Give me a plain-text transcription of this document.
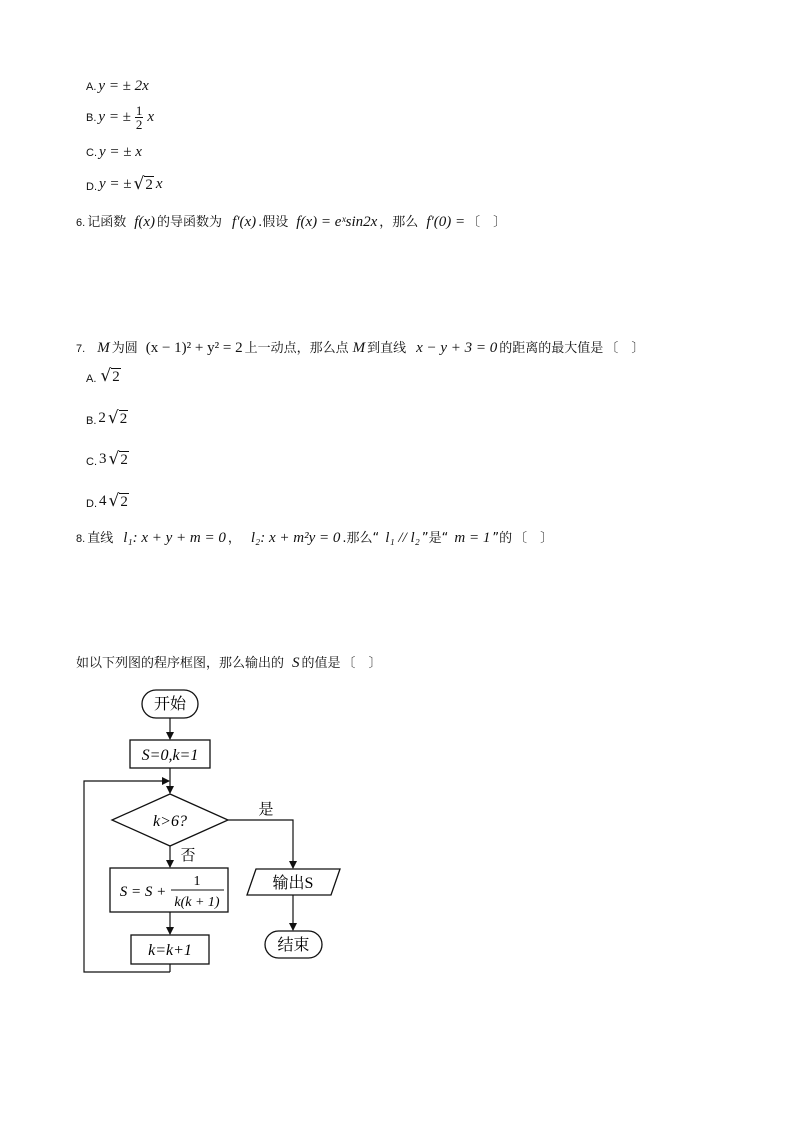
A. y = ± 2x
B. y = ± $\frac{1}{2}$ x
C. y = ± x
D. y = ± √ 2 x
6. 记函数 f(x) 的导函数为 f′(x) .假设 f(x) = eˣsin2x ，那么 f′(0) = 〔　〕
7. M 为圆 (x − 1)² + y² = 2 上一动点，那么点 M 到直线 x − y + 3 = 0 的距离的最大值是 〔　〕
A. √ 2
B. 2 √ 2
C. 3 √ 2
D. 4 √ 2
8. 直线 l₁: x + y + m = 0 ， l₂: x + m²y = 0 .那么“ l₁ // l₂ ”是“ m = 1 ”的 〔　〕
如以下列图的程序框图，那么输出的 S 的值是 〔　〕
开始
S=0,k=1
k>6?
是
否
S = S +
1
k(k + 1)
k=k+1
输出S
结束
